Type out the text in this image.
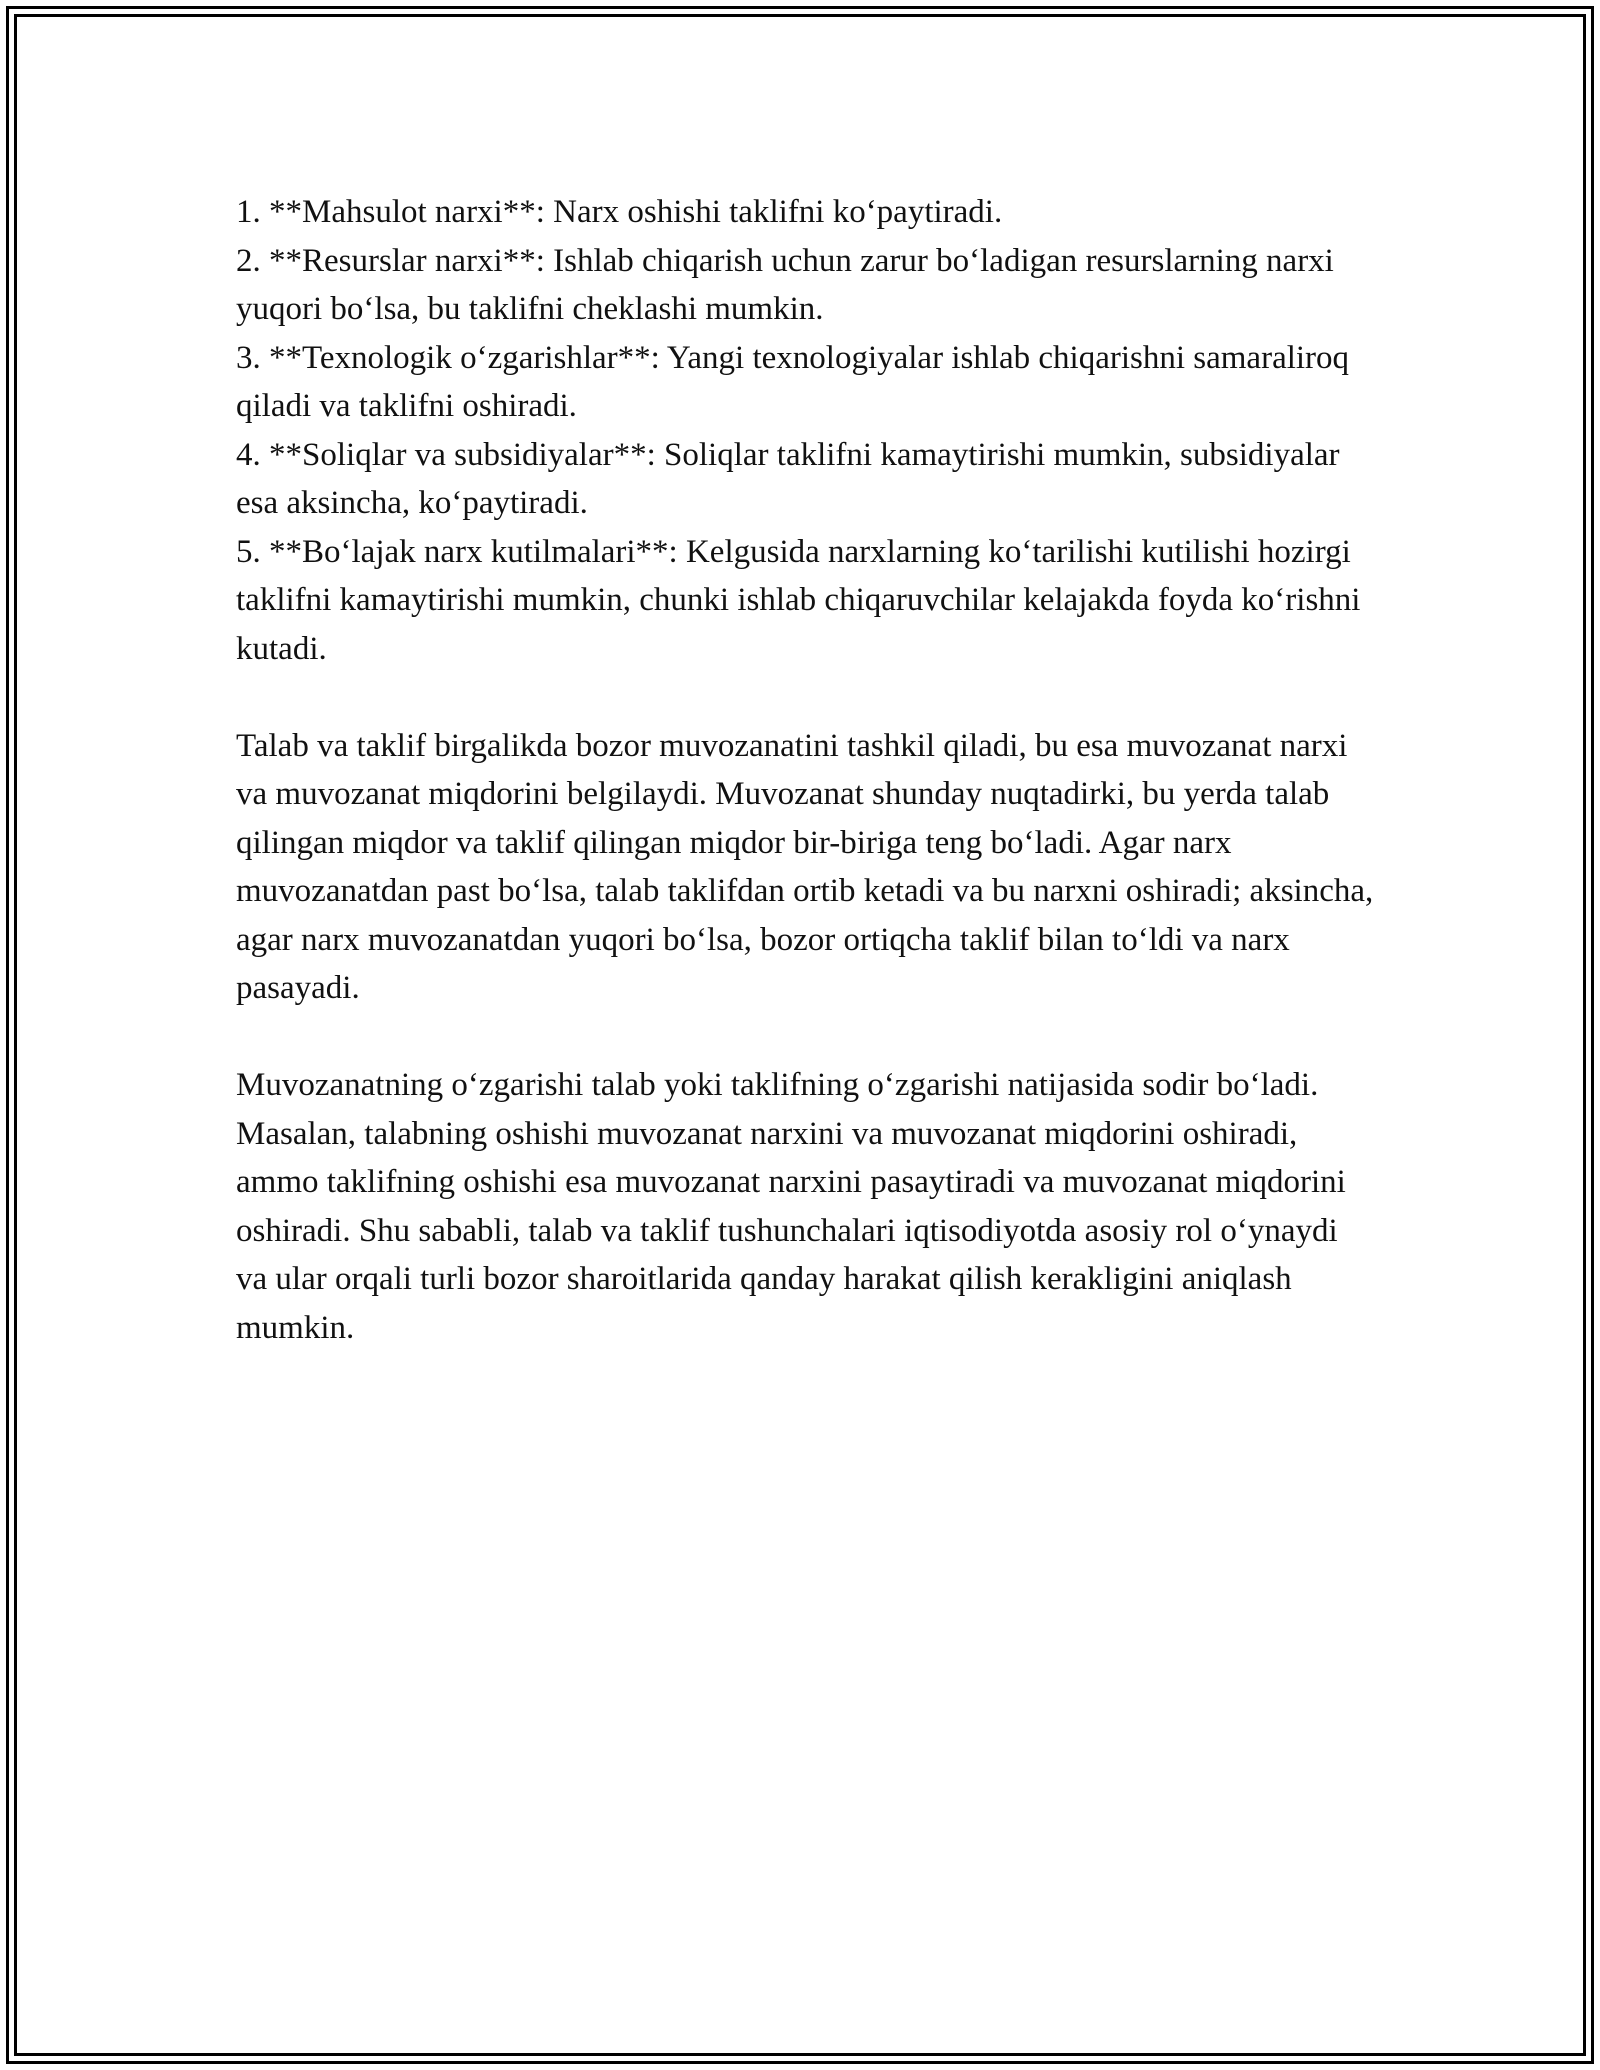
1. **Mahsulot narxi**: Narx oshishi taklifni koʻpaytiradi.

2. **Resurslar narxi**: Ishlab chiqarish uchun zarur boʻladigan resurslarning narxi yuqori boʻlsa, bu taklifni cheklashi mumkin.

3. **Texnologik oʻzgarishlar**: Yangi texnologiyalar ishlab chiqarishni samaraliroq qiladi va taklifni oshiradi.

4. **Soliqlar va subsidiyalar**: Soliqlar taklifni kamaytirishi mumkin, subsidiyalar esa aksincha, koʻpaytiradi.

5. **Boʻlajak narx kutilmalari**: Kelgusida narxlarning koʻtarilishi kutilishi hozirgi taklifni kamaytirishi mumkin, chunki ishlab chiqaruvchilar kelajakda foyda koʻrishni kutadi.

Talab va taklif birgalikda bozor muvozanatini tashkil qiladi, bu esa muvozanat narxi va muvozanat miqdorini belgilaydi. Muvozanat shunday nuqtadirki, bu yerda talab qilingan miqdor va taklif qilingan miqdor bir-biriga teng boʻladi. Agar narx muvozanatdan past boʻlsa, talab taklifdan ortib ketadi va bu narxni oshiradi; aksincha, agar narx muvozanatdan yuqori boʻlsa, bozor ortiqcha taklif bilan toʻldi va narx pasayadi.

Muvozanatning oʻzgarishi talab yoki taklifning oʻzgarishi natijasida sodir boʻladi. Masalan, talabning oshishi muvozanat narxini va muvozanat miqdorini oshiradi, ammo taklifning oshishi esa muvozanat narxini pasaytiradi va muvozanat miqdorini oshiradi. Shu sababli, talab va taklif tushunchalari iqtisodiyotda asosiy rol oʻynaydi va ular orqali turli bozor sharoitlarida qanday harakat qilish kerakligini aniqlash mumkin.
